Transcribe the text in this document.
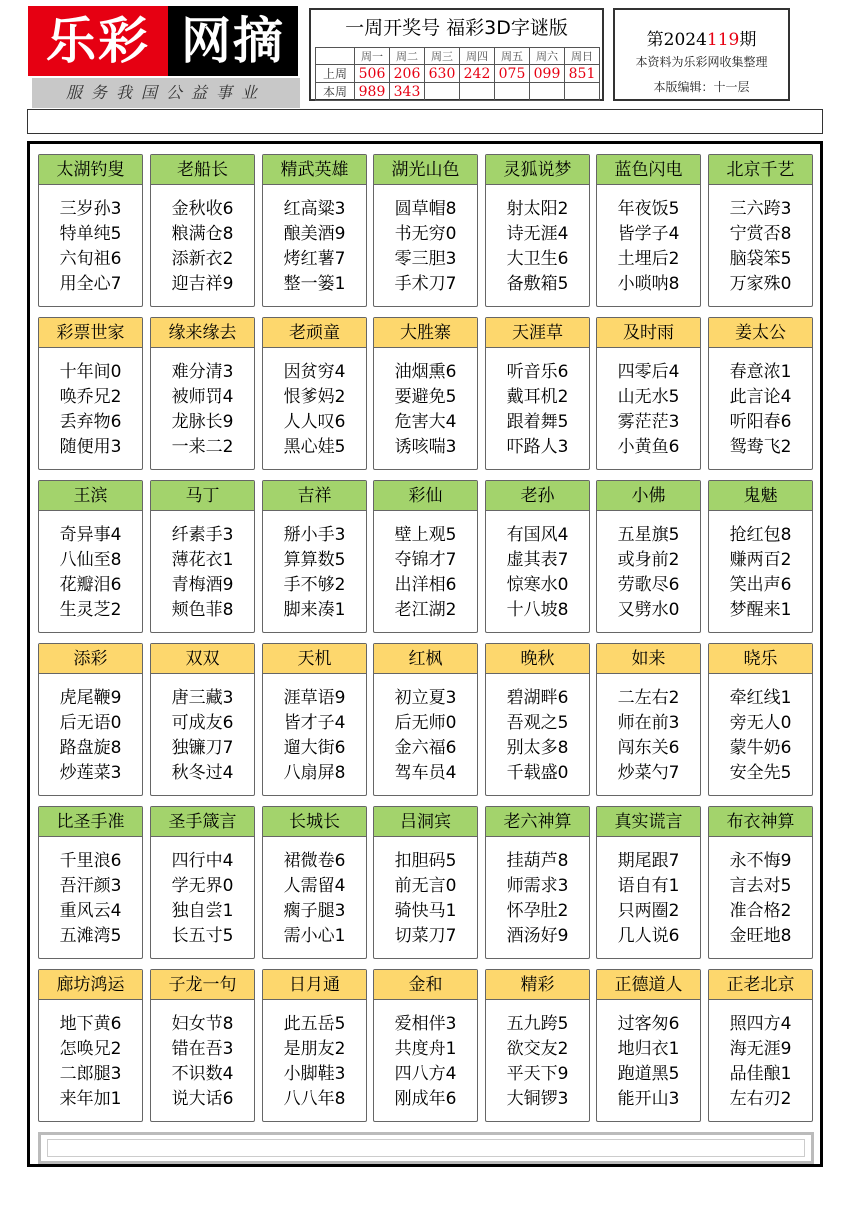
乐彩 网摘
服务我国公益事业
一周开奖号 福彩3D字谜版
	周一	周二	周三	周四	周五	周六	周日
上周	506	206	630	242	075	099	851
本周	989	343					
第2024119期
本资料为乐彩网收集整理
本版编辑：十一层
太湖钓叟
三岁孙3
特单纯5
六旬祖6
用全心7
老船长
金秋收6
粮满仓8
添新衣2
迎吉祥9
精武英雄
红高粱3
酿美酒9
烤红薯7
整一篓1
湖光山色
圆草帽8
书无穷0
零三胆3
手术刀7
灵狐说梦
射太阳2
诗无涯4
大卫生6
备敷箱5
蓝色闪电
年夜饭5
皆学子4
土埋后2
小唢呐8
北京千艺
三六跨3
宁赏否8
脑袋笨5
万家殊0
彩票世家
十年间0
唤乔兄2
丢弃物6
随便用3
缘来缘去
难分清3
被师罚4
龙脉长9
一来二2
老顽童
因贫穷4
恨爹妈2
人人叹6
黑心娃5
大胜寨
油烟熏6
要避免5
危害大4
诱咳喘3
天涯草
听音乐6
戴耳机2
跟着舞5
吓路人3
及时雨
四零后4
山无水5
雾茫茫3
小黄鱼6
姜太公
春意浓1
此言论4
听阳春6
鸳鸯飞2
王滨
奇异事4
八仙至8
花瓣泪6
生灵芝2
马丁
纤素手3
薄花衣1
青梅酒9
颊色菲8
吉祥
掰小手3
算算数5
手不够2
脚来凑1
彩仙
壁上观5
夺锦才7
出洋相6
老江湖2
老孙
有国风4
虚其表7
惊寒水0
十八坡8
小佛
五星旗5
或身前2
劳歌尽6
又劈水0
鬼魅
抢红包8
赚两百2
笑出声6
梦醒来1
添彩
虎尾鞭9
后无语0
路盘旋8
炒莲菜3
双双
唐三藏3
可成友6
独镰刀7
秋冬过4
天机
涯草语9
皆才子4
遛大街6
八扇屏8
红枫
初立夏3
后无师0
金六福6
驾车员4
晚秋
碧湖畔6
吾观之5
别太多8
千载盛0
如来
二左右2
师在前3
闯东关6
炒菜勺7
晓乐
牵红线1
旁无人0
蒙牛奶6
安全先5
比圣手准
千里浪6
吾汗颜3
重风云4
五滩湾5
圣手箴言
四行中4
学无界0
独自尝1
长五寸5
长城长
裙微卷6
人需留4
瘸子腿3
需小心1
吕洞宾
扣胆码5
前无言0
骑快马1
切菜刀7
老六神算
挂葫芦8
师需求3
怀孕肚2
酒汤好9
真实谎言
期尾跟7
语自有1
只两圈2
几人说6
布衣神算
永不悔9
言去对5
准合格2
金旺地8
廊坊鸿运
地下黄6
怎唤兄2
二郎腿3
来年加1
子龙一句
妇女节8
错在吾3
不识数4
说大话6
日月通
此五岳5
是朋友2
小脚鞋3
八八年8
金和
爱相伴3
共度舟1
四八方4
刚成年6
精彩
五九跨5
欲交友2
平天下9
大铜锣3
正德道人
过客匆6
地归衣1
跑道黑5
能开山3
正老北京
照四方4
海无涯9
品佳酿1
左右刃2
